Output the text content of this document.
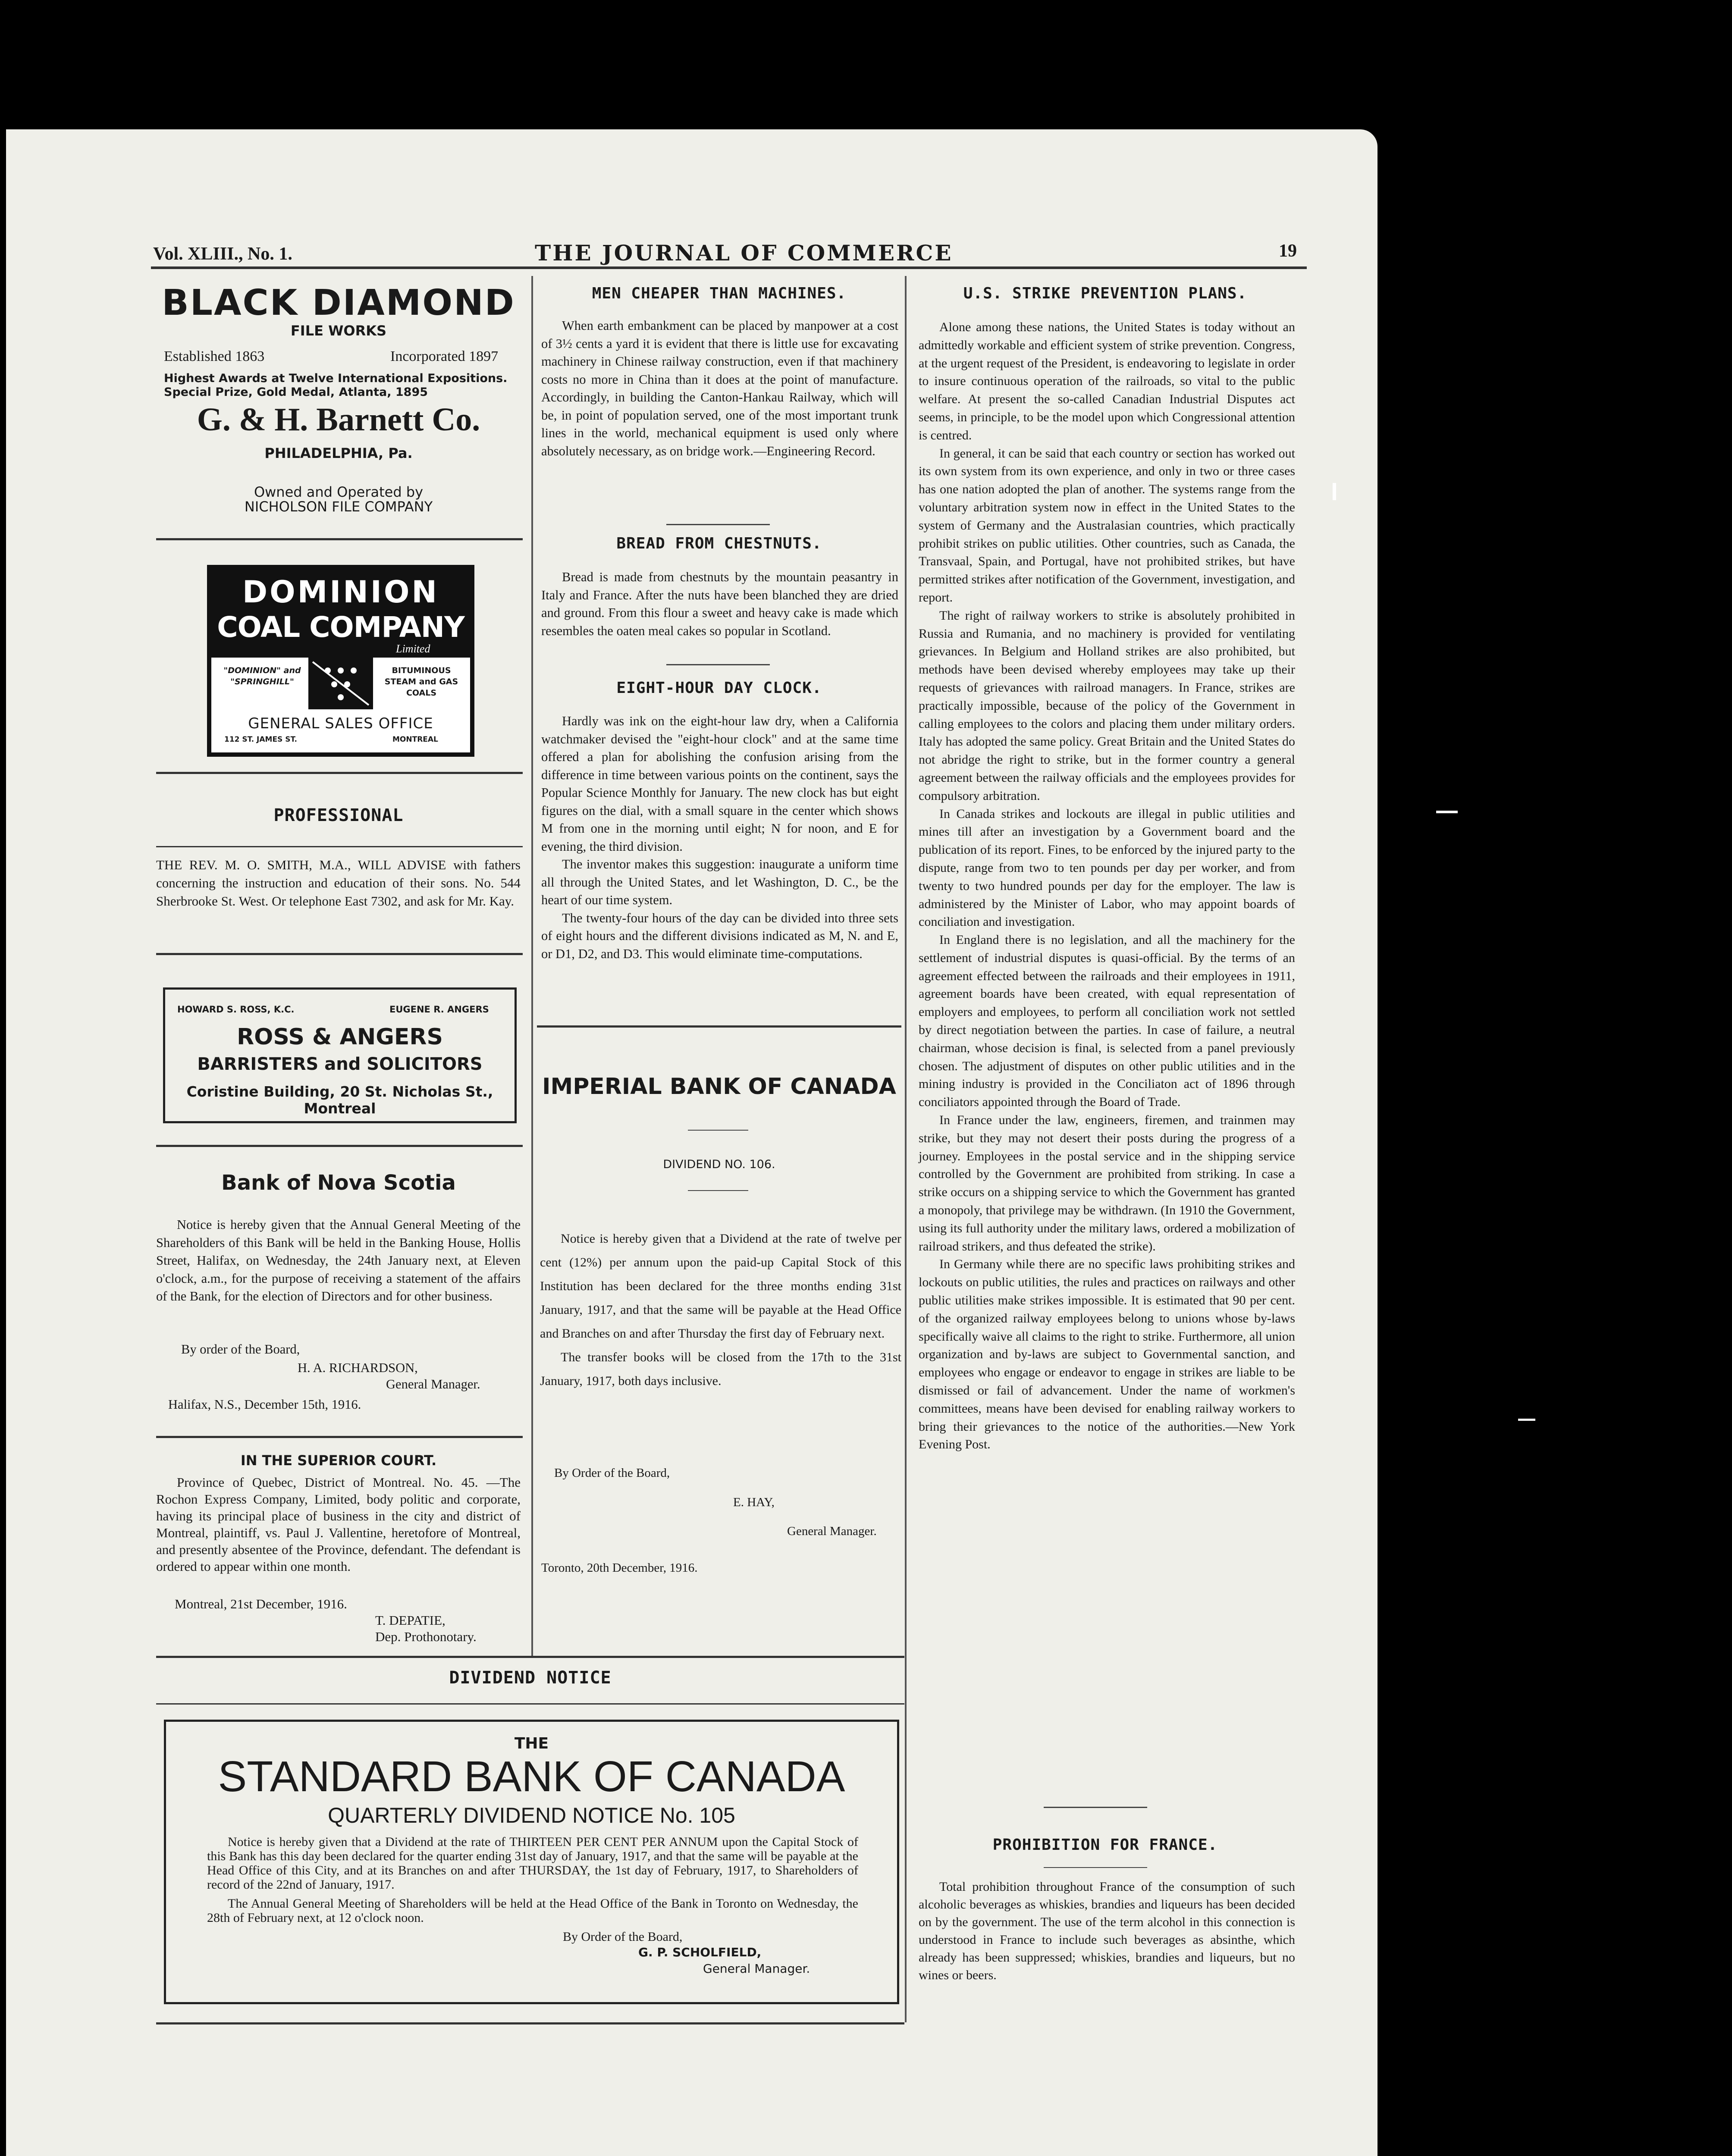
Vol. XLIII., No. 1.	THE JOURNAL OF COMMERCE	19
BLACK DIAMOND
FILE WORKS
Established 1863	Incorporated 1897
Highest Awards at Twelve International Expositions. Special Prize, Gold Medal, Atlanta, 1895
G. & H. Barnett Co.
PHILADELPHIA, Pa.
Owned and Operated by
NICHOLSON FILE COMPANY
DOMINION
COAL COMPANY
Limited
"DOMINION" and "SPRINGHILL"
BITUMINOUS STEAM and GAS COALS
GENERAL SALES OFFICE
112 ST. JAMES ST.	MONTREAL
PROFESSIONAL
THE REV. M. O. SMITH, M.A., WILL ADVISE with fathers concerning the instruction and education of their sons. No. 544 Sherbrooke St. West. Or telephone East 7302, and ask for Mr. Kay.
HOWARD S. ROSS, K.C.	EUGENE R. ANGERS
ROSS & ANGERS
BARRISTERS and SOLICITORS
Coristine Building, 20 St. Nicholas St., Montreal
Bank of Nova Scotia

Notice is hereby given that the Annual General Meeting of the Shareholders of this Bank will be held in the Banking House, Hollis Street, Halifax, on Wednesday, the 24th January next, at Eleven o'clock, a.m., for the purpose of receiving a statement of the affairs of the Bank, for the election of Directors and for other business.

By order of the Board,
H. A. RICHARDSON,
General Manager.
Halifax, N.S., December 15th, 1916.
IN THE SUPERIOR COURT.

Province of Quebec, District of Montreal. No. 45. —The Rochon Express Company, Limited, body politic and corporate, having its principal place of business in the city and district of Montreal, plaintiff, vs. Paul J. Vallentine, heretofore of Montreal, and presently absentee of the Province, defendant. The defendant is ordered to appear within one month.

Montreal, 21st December, 1916.
T. DEPATIE,
Dep. Prothonotary.
MEN CHEAPER THAN MACHINES.

When earth embankment can be placed by manpower at a cost of 3½ cents a yard it is evident that there is little use for excavating machinery in Chinese railway construction, even if that machinery costs no more in China than it does at the point of manufacture. Accordingly, in building the Canton-Hankau Railway, which will be, in point of population served, one of the most important trunk lines in the world, mechanical equipment is used only where absolutely necessary, as on bridge work.—Engineering Record.

BREAD FROM CHESTNUTS.

Bread is made from chestnuts by the mountain peasantry in Italy and France. After the nuts have been blanched they are dried and ground. From this flour a sweet and heavy cake is made which resembles the oaten meal cakes so popular in Scotland.

EIGHT-HOUR DAY CLOCK.

Hardly was ink on the eight-hour law dry, when a California watchmaker devised the "eight-hour clock" and at the same time offered a plan for abolishing the confusion arising from the difference in time between various points on the continent, says the Popular Science Monthly for January. The new clock has but eight figures on the dial, with a small square in the center which shows M from one in the morning until eight; N for noon, and E for evening, the third division.

The inventor makes this suggestion: inaugurate a uniform time all through the United States, and let Washington, D. C., be the heart of our time system.

The twenty-four hours of the day can be divided into three sets of eight hours and the different divisions indicated as M, N. and E, or D1, D2, and D3. This would eliminate time-computations.

IMPERIAL BANK OF CANADA
DIVIDEND NO. 106.

Notice is hereby given that a Dividend at the rate of twelve per cent (12%) per annum upon the paid-up Capital Stock of this Institution has been declared for the three months ending 31st January, 1917, and that the same will be payable at the Head Office and Branches on and after Thursday the first day of February next.

The transfer books will be closed from the 17th to the 31st January, 1917, both days inclusive.

By Order of the Board,
E. HAY,
General Manager.
Toronto, 20th December, 1916.
DIVIDEND NOTICE
THE
STANDARD BANK OF CANADA
QUARTERLY DIVIDEND NOTICE No. 105

Notice is hereby given that a Dividend at the rate of THIRTEEN PER CENT PER ANNUM upon the Capital Stock of this Bank has this day been declared for the quarter ending 31st day of January, 1917, and that the same will be payable at the Head Office of this City, and at its Branches on and after THURSDAY, the 1st day of February, 1917, to Shareholders of record of the 22nd of January, 1917.

The Annual General Meeting of Shareholders will be held at the Head Office of the Bank in Toronto on Wednesday, the 28th of February next, at 12 o'clock noon.

By Order of the Board,
G. P. SCHOLFIELD,
General Manager.
U.S. STRIKE PREVENTION PLANS.

Alone among these nations, the United States is today without an admittedly workable and efficient system of strike prevention. Congress, at the urgent request of the President, is endeavoring to legislate in order to insure continuous operation of the railroads, so vital to the public welfare. At present the so-called Canadian Industrial Disputes act seems, in principle, to be the model upon which Congressional attention is centred.

In general, it can be said that each country or section has worked out its own system from its own experience, and only in two or three cases has one nation adopted the plan of another. The systems range from the voluntary arbitration system now in effect in the United States to the system of Germany and the Australasian countries, which practically prohibit strikes on public utilities. Other countries, such as Canada, the Transvaal, Spain, and Portugal, have not prohibited strikes, but have permitted strikes after notification of the Government, investigation, and report.

The right of railway workers to strike is absolutely prohibited in Russia and Rumania, and no machinery is provided for ventilating grievances. In Belgium and Holland strikes are also prohibited, but methods have been devised whereby employees may take up their requests of grievances with railroad managers. In France, strikes are practically impossible, because of the policy of the Government in calling employees to the colors and placing them under military orders. Italy has adopted the same policy. Great Britain and the United States do not abridge the right to strike, but in the former country a general agreement between the railway officials and the employees provides for compulsory arbitration.

In Canada strikes and lockouts are illegal in public utilities and mines till after an investigation by a Government board and the publication of its report. Fines, to be enforced by the injured party to the dispute, range from two to ten pounds per day per worker, and from twenty to two hundred pounds per day for the employer. The law is administered by the Minister of Labor, who may appoint boards of conciliation and investigation.

In England there is no legislation, and all the machinery for the settlement of industrial disputes is quasi-official. By the terms of an agreement effected between the railroads and their employees in 1911, agreement boards have been created, with equal representation of employers and employees, to perform all conciliation work not settled by direct negotiation between the parties. In case of failure, a neutral chairman, whose decision is final, is selected from a panel previously chosen. The adjustment of disputes on other public utilities and in the mining industry is provided in the Conciliaton act of 1896 through conciliators appointed through the Board of Trade.

In France under the law, engineers, firemen, and trainmen may strike, but they may not desert their posts during the progress of a journey. Employees in the postal service and in the shipping service controlled by the Government are prohibited from striking. In case a strike occurs on a shipping service to which the Government has granted a monopoly, that privilege may be withdrawn. (In 1910 the Government, using its full authority under the military laws, ordered a mobilization of railroad strikers, and thus defeated the strike).

In Germany while there are no specific laws prohibiting strikes and lockouts on public utilities, the rules and practices on railways and other public utilities make strikes impossible. It is estimated that 90 per cent. of the organized railway employees belong to unions whose by-laws specifically waive all claims to the right to strike. Furthermore, all union organization and by-laws are subject to Governmental sanction, and employees who engage or endeavor to engage in strikes are liable to be dismissed or fail of advancement. Under the name of workmen's committees, means have been devised for enabling railway workers to bring their grievances to the notice of the authorities.—New York Evening Post.

PROHIBITION FOR FRANCE.

Total prohibition throughout France of the consumption of such alcoholic beverages as whiskies, brandies and liqueurs has been decided on by the government. The use of the term alcohol in this connection is understood in France to include such beverages as absinthe, which already has been suppressed; whiskies, brandies and liqueurs, but no wines or beers.
